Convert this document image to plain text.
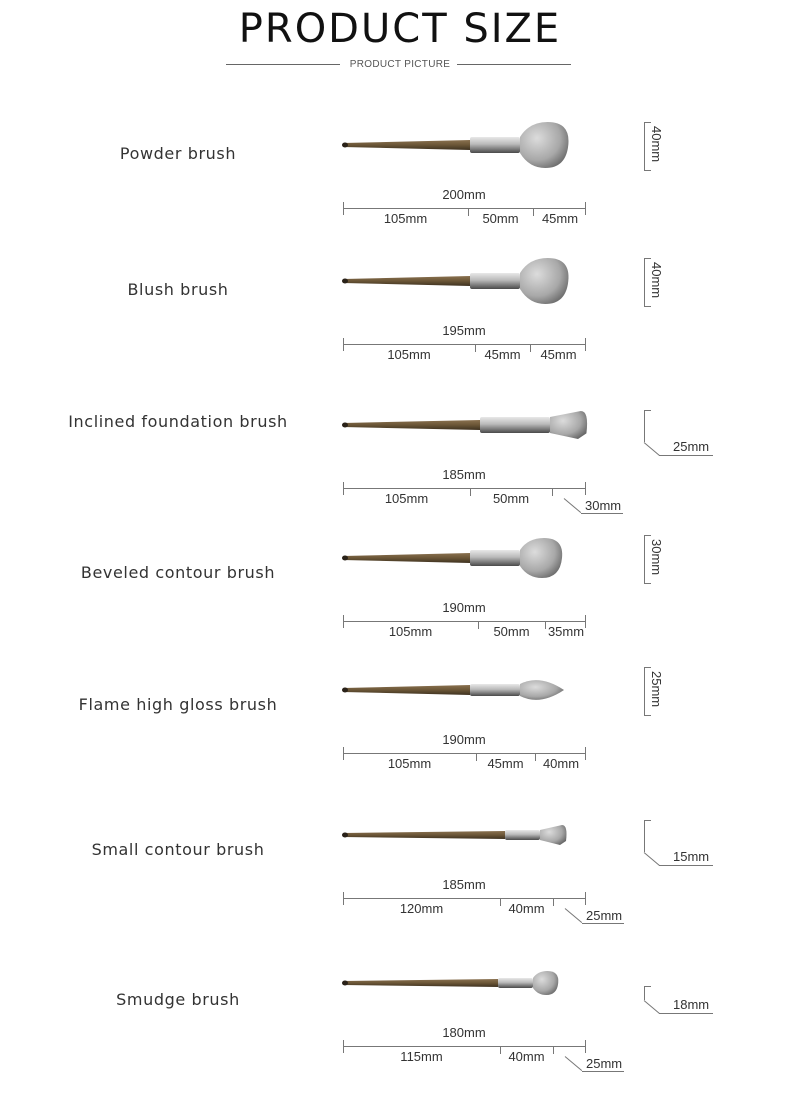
PRODUCT SIZE
PRODUCT PICTURE
Powder brush
200mm
105mm	50mm 45mm
40mm
Blush brush
195mm
105mm	45mm 45mm
40mm
Inclined foundation brush
185mm
105mm	50mm	30mm
25mm
Beveled contour brush
190mm
105mm	50mm 35mm
30mm
Flame high gloss brush
190mm
105mm	45mm 40mm
25mm
Small contour brush
185mm
120mm	40mm	25mm
15mm
Smudge brush
180mm
115mm	40mm	25mm
18mm
